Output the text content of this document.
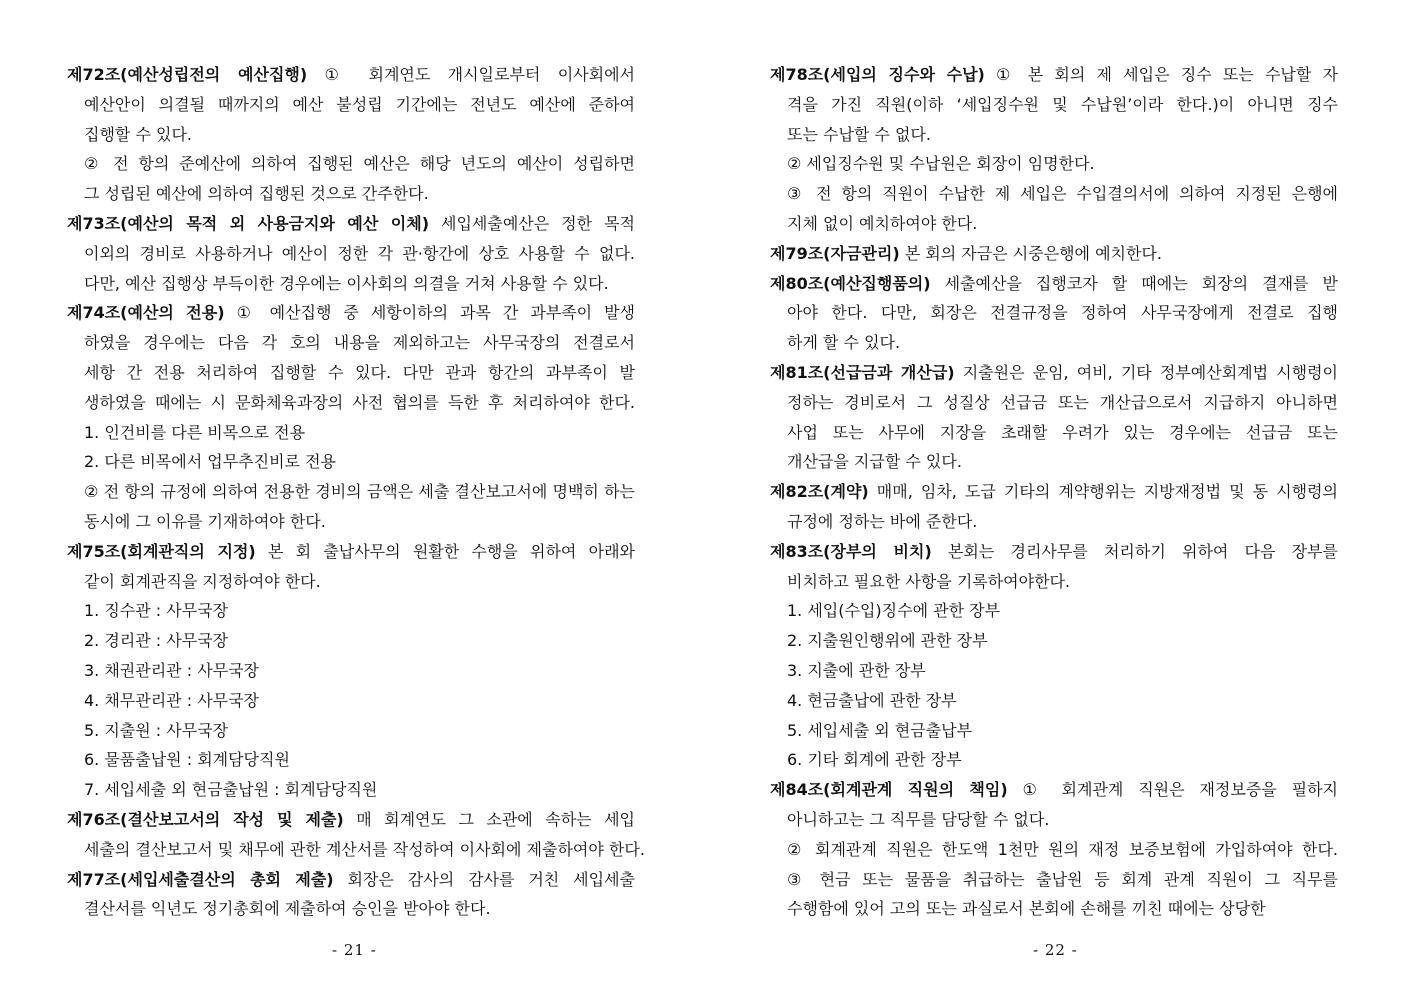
제72조(예산성립전의 예산집행) ① 회계연도 개시일로부터 이사회에서
예산안이 의결될 때까지의 예산 불성립 기간에는 전년도 예산에 준하여
집행할 수 있다.
② 전 항의 준예산에 의하여 집행된 예산은 해당 년도의 예산이 성립하면
그 성립된 예산에 의하여 집행된 것으로 간주한다.
제73조(예산의 목적 외 사용금지와 예산 이체) 세입세출예산은 정한 목적
이외의 경비로 사용하거나 예산이 정한 각 관·항간에 상호 사용할 수 없다.
다만, 예산 집행상 부득이한 경우에는 이사회의 의결을 거쳐 사용할 수 있다.
제74조(예산의 전용) ① 예산집행 중 세항이하의 과목 간 과부족이 발생
하였을 경우에는 다음 각 호의 내용을 제외하고는 사무국장의 전결로서
세항 간 전용 처리하여 집행할 수 있다. 다만 관과 항간의 과부족이 발
생하였을 때에는 시 문화체육과장의 사전 협의를 득한 후 처리하여야 한다.
1. 인건비를 다른 비목으로 전용
2. 다른 비목에서 업무추진비로 전용
② 전 항의 규정에 의하여 전용한 경비의 금액은 세출 결산보고서에 명백히 하는
동시에 그 이유를 기재하여야 한다.
제75조(회계관직의 지정) 본 회 출납사무의 원활한 수행을 위하여 아래와
같이 회계관직을 지정하여야 한다.
1. 징수관 : 사무국장
2. 경리관 : 사무국장
3. 채권관리관 : 사무국장
4. 채무관리관 : 사무국장
5. 지출원 : 사무국장
6. 물품출납원 : 회계담당직원
7. 세입세출 외 현금출납원 : 회계담당직원
제76조(결산보고서의 작성 및 제출) 매 회계연도 그 소관에 속하는 세입
세출의 결산보고서 및 채무에 관한 계산서를 작성하여 이사회에 제출하여야 한다.
제77조(세입세출결산의 총회 제출) 회장은 감사의 감사를 거친 세입세출
결산서를 익년도 정기총회에 제출하여 승인을 받아야 한다.
제78조(세입의 징수와 수납) ① 본 회의 제 세입은 징수 또는 수납할 자
격을 가진 직원(이하 ‘세입징수원 및 수납원’이라 한다.)이 아니면 징수
또는 수납할 수 없다.
② 세입징수원 및 수납원은 회장이 임명한다.
③ 전 항의 직원이 수납한 제 세입은 수입결의서에 의하여 지정된 은행에
지체 없이 예치하여야 한다.
제79조(자금관리) 본 회의 자금은 시중은행에 예치한다.
제80조(예산집행품의) 세출예산을 집행코자 할 때에는 회장의 결재를 받
아야 한다. 다만, 회장은 전결규정을 정하여 사무국장에게 전결로 집행
하게 할 수 있다.
제81조(선급금과 개산급) 지출원은 운임, 여비, 기타 정부예산회계법 시행령이
정하는 경비로서 그 성질상 선급금 또는 개산급으로서 지급하지 아니하면
사업 또는 사무에 지장을 초래할 우려가 있는 경우에는 선급금 또는
개산급을 지급할 수 있다.
제82조(계약) 매매, 임차, 도급 기타의 계약행위는 지방재정법 및 동 시행령의
규정에 정하는 바에 준한다.
제83조(장부의 비치) 본회는 경리사무를 처리하기 위하여 다음 장부를
비치하고 필요한 사항을 기록하여야한다.
1. 세입(수입)징수에 관한 장부
2. 지출원인행위에 관한 장부
3. 지출에 관한 장부
4. 현금출납에 관한 장부
5. 세입세출 외 현금출납부
6. 기타 회계에 관한 장부
제84조(회계관계 직원의 책임) ① 회계관계 직원은 재정보증을 필하지
아니하고는 그 직무를 담당할 수 없다.
② 회계관계 직원은 한도액 1천만 원의 재정 보증보험에 가입하여야 한다.
③ 현금 또는 물품을 취급하는 출납원 등 회계 관계 직원이 그 직무를
수행함에 있어 고의 또는 과실로서 본회에 손해를 끼친 때에는 상당한
- 21 -	- 22 -
